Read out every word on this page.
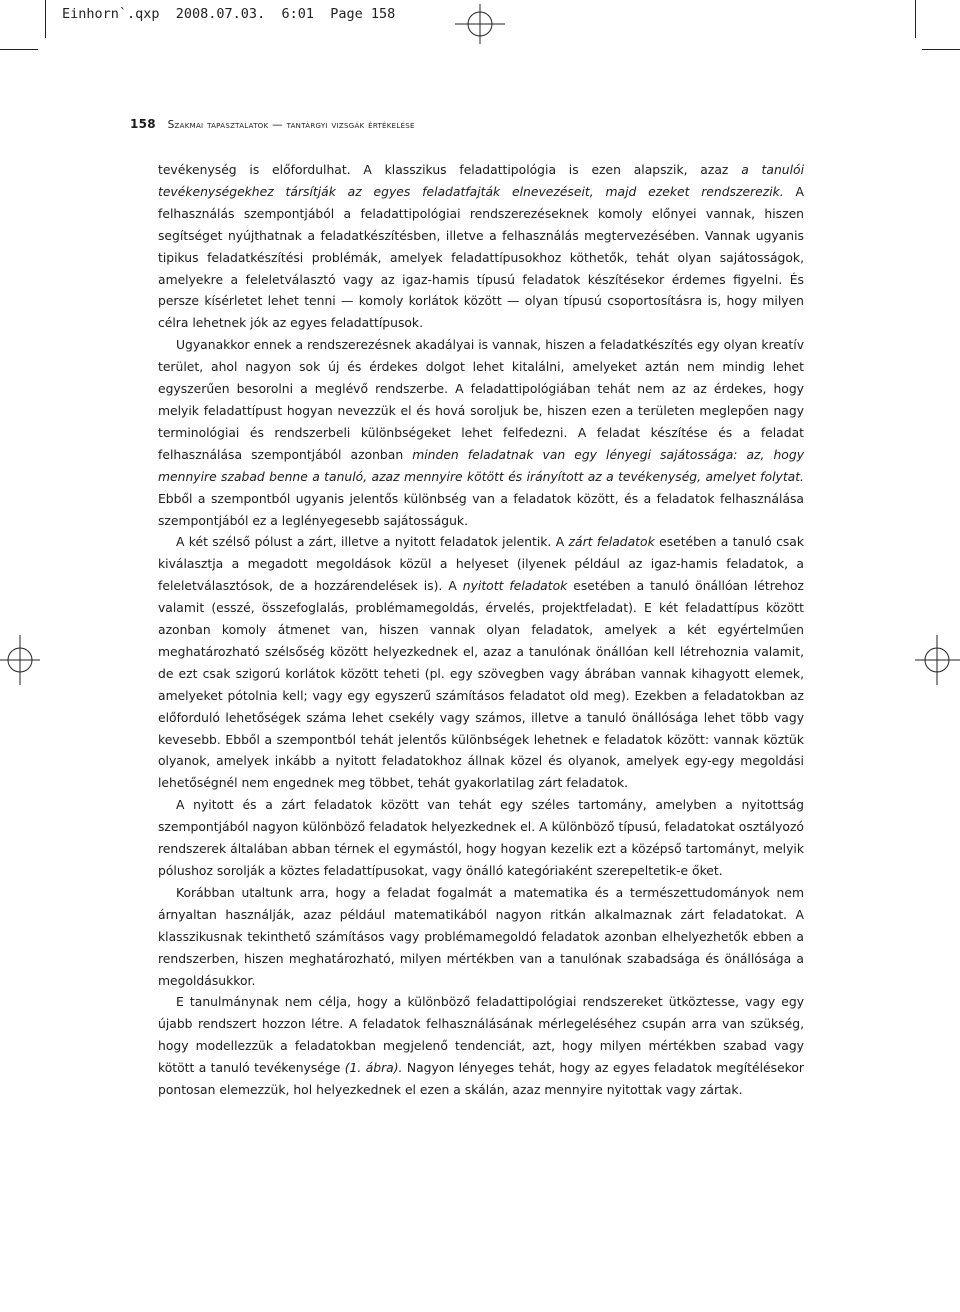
Einhorn`.qxp  2008.07.03.  6:01  Page 158
158 Szakmai tapasztalatok — tantárgyi vizsgák értékelése

tevékenység is előfordulhat. A klasszikus feladattipológia is ezen alapszik, azaz a tanulói tevékenységekhez társítják az egyes feladatfajták elnevezéseit, majd ezeket rendszerezik. A felhasználás szempontjából a feladattipológiai rendszerezéseknek komoly előnyei vannak, hiszen segítséget nyújthatnak a feladatkészítésben, illetve a felhasználás megtervezésében. Vannak ugyanis tipikus feladatkészítési problémák, amelyek feladattípusokhoz köthetők, tehát olyan sajátosságok, amelyekre a feleletválasztó vagy az igaz-hamis típusú feladatok készítésekor érdemes figyelni. És persze kísérletet lehet tenni — komoly korlátok között — olyan típusú csoportosításra is, hogy milyen célra lehetnek jók az egyes feladattípusok.

Ugyanakkor ennek a rendszerezésnek akadályai is vannak, hiszen a feladatkészítés egy olyan kreatív terület, ahol nagyon sok új és érdekes dolgot lehet kitalálni, amelyeket aztán nem mindig lehet egyszerűen besorolni a meglévő rendszerbe. A feladattipológiában tehát nem az az érdekes, hogy melyik feladattípust hogyan nevezzük el és hová soroljuk be, hiszen ezen a területen meglepően nagy terminológiai és rendszerbeli különbségeket lehet felfedezni. A feladat készítése és a feladat felhasználása szempontjából azonban minden feladatnak van egy lényegi sajátossága: az, hogy mennyire szabad benne a tanuló, azaz mennyire kötött és irányított az a tevékenység, amelyet folytat. Ebből a szempontból ugyanis jelentős különbség van a feladatok között, és a feladatok felhasználása szempontjából ez a leglényegesebb sajátosságuk.

A két szélső pólust a zárt, illetve a nyitott feladatok jelentik. A zárt feladatok esetében a tanuló csak kiválasztja a megadott megoldások közül a helyeset (ilyenek például az igaz-hamis feladatok, a feleletválasztósok, de a hozzárendelések is). A nyitott feladatok esetében a tanuló önállóan létrehoz valamit (esszé, összefoglalás, problémamegoldás, érvelés, projektfeladat). E két feladattípus között azonban komoly átmenet van, hiszen vannak olyan feladatok, amelyek a két egyértelműen meghatározható szélsőség között helyezkednek el, azaz a tanulónak önállóan kell létrehoznia valamit, de ezt csak szigorú korlátok között teheti (pl. egy szövegben vagy ábrában vannak kihagyott elemek, amelyeket pótolnia kell; vagy egy egyszerű számításos feladatot old meg). Ezekben a feladatokban az előforduló lehetőségek száma lehet csekély vagy számos, illetve a tanuló önállósága lehet több vagy kevesebb. Ebből a szempontból tehát jelentős különbségek lehetnek e feladatok között: vannak köztük olyanok, amelyek inkább a nyitott feladatokhoz állnak közel és olyanok, amelyek egy-egy megoldási lehetőségnél nem engednek meg többet, tehát gyakorlatilag zárt feladatok.

A nyitott és a zárt feladatok között van tehát egy széles tartomány, amelyben a nyitottság szempontjából nagyon különböző feladatok helyezkednek el. A különböző típusú, feladatokat osztályozó rendszerek általában abban térnek el egymástól, hogy hogyan kezelik ezt a középső tartományt, melyik pólushoz sorolják a köztes feladattípusokat, vagy önálló kategóriaként szerepeltetik-e őket.

Korábban utaltunk arra, hogy a feladat fogalmát a matematika és a természettudományok nem árnyaltan használják, azaz például matematikából nagyon ritkán alkalmaznak zárt feladatokat. A klasszikusnak tekinthető számításos vagy problémamegoldó feladatok azonban elhelyezhetők ebben a rendszerben, hiszen meghatározható, milyen mértékben van a tanulónak szabadsága és önállósága a megoldásukkor.

E tanulmánynak nem célja, hogy a különböző feladattipológiai rendszereket ütköztesse, vagy egy újabb rendszert hozzon létre. A feladatok felhasználásának mérlegeléséhez csupán arra van szükség, hogy modellezzük a feladatokban megjelenő tendenciát, azt, hogy milyen mértékben szabad vagy kötött a tanuló tevékenysége (1. ábra). Nagyon lényeges tehát, hogy az egyes feladatok megítélésekor pontosan elemezzük, hol helyezkednek el ezen a skálán, azaz mennyire nyitottak vagy zártak.
